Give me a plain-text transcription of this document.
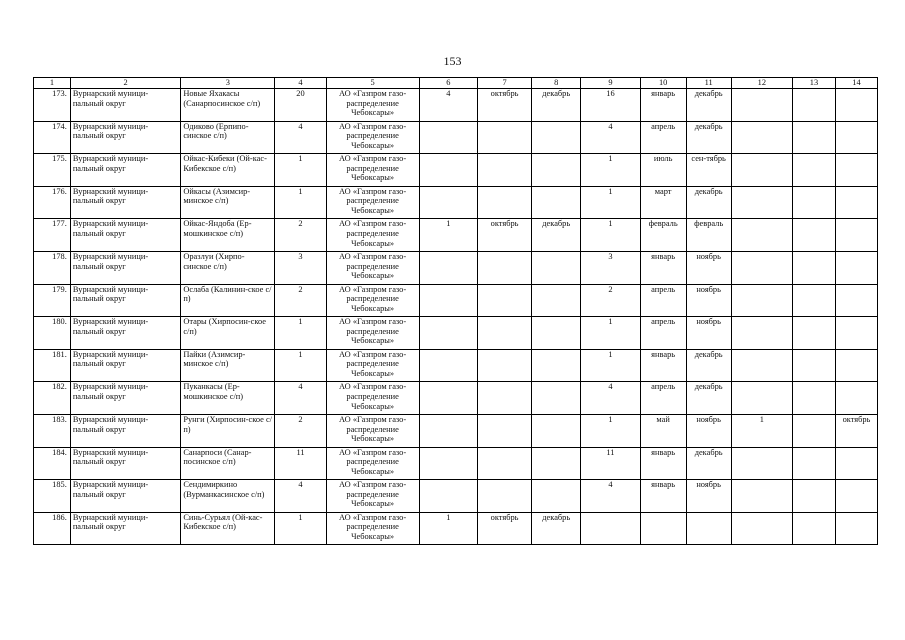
153
1	2	3	4	5	6	7	8	9	10	11	12	13	14
173.	Вурнарский муници-пальный округ	Новые Яхакасы (Санарпосинское с/п)	20	АО «Газпром газо-распределение Чебоксары»	4	октябрь	декабрь	16	январь	декабрь			
174.	Вурнарский муници-пальный округ	Одиково (Ерпипо-синское с/п)	4	АО «Газпром газо-распределение Чебоксары»				4	апрель	декабрь			
175.	Вурнарский муници-пальный округ	Ойкас-Кибеки (Ой-кас-Кибекское с/п)	1	АО «Газпром газо-распределение Чебоксары»				1	июль	сен-тябрь			
176.	Вурнарский муници-пальный округ	Ойкасы (Азимсир-минское с/п)	1	АО «Газпром газо-распределение Чебоксары»				1	март	декабрь			
177.	Вурнарский муници-пальный округ	Ойкас-Яндоба (Ер-мошкинское с/п)	2	АО «Газпром газо-распределение Чебоксары»	1	октябрь	декабрь	1	февраль	февраль			
178.	Вурнарский муници-пальный округ	Оразлуи (Хирпо-синское с/п)	3	АО «Газпром газо-распределение Чебоксары»				3	январь	ноябрь			
179.	Вурнарский муници-пальный округ	Ослаба (Калинин-ское с/п)	2	АО «Газпром газо-распределение Чебоксары»				2	апрель	ноябрь			
180.	Вурнарский муници-пальный округ	Отары (Хирпосин-ское с/п)	1	АО «Газпром газо-распределение Чебоксары»				1	апрель	ноябрь			
181.	Вурнарский муници-пальный округ	Пайки (Азимсир-минское с/п)	1	АО «Газпром газо-распределение Чебоксары»				1	январь	декабрь			
182.	Вурнарский муници-пальный округ	Пуканкасы (Ер-мошкинское с/п)	4	АО «Газпром газо-распределение Чебоксары»				4	апрель	декабрь			
183.	Вурнарский муници-пальный округ	Рунги (Хирпосин-ское с/п)	2	АО «Газпром газо-распределение Чебоксары»				1	май	ноябрь	1		октябрь
184.	Вурнарский муници-пальный округ	Санарпоси (Санар-посинское с/п)	11	АО «Газпром газо-распределение Чебоксары»				11	январь	декабрь			
185.	Вурнарский муници-пальный округ	Сендимиркино (Вурманкасинское с/п)	4	АО «Газпром газо-распределение Чебоксары»				4	январь	ноябрь			
186.	Вурнарский муници-пальный округ	Синь-Сурьял (Ой-кас-Кибекское с/п)	1	АО «Газпром газо-распределение Чебоксары»	1	октябрь	декабрь						
